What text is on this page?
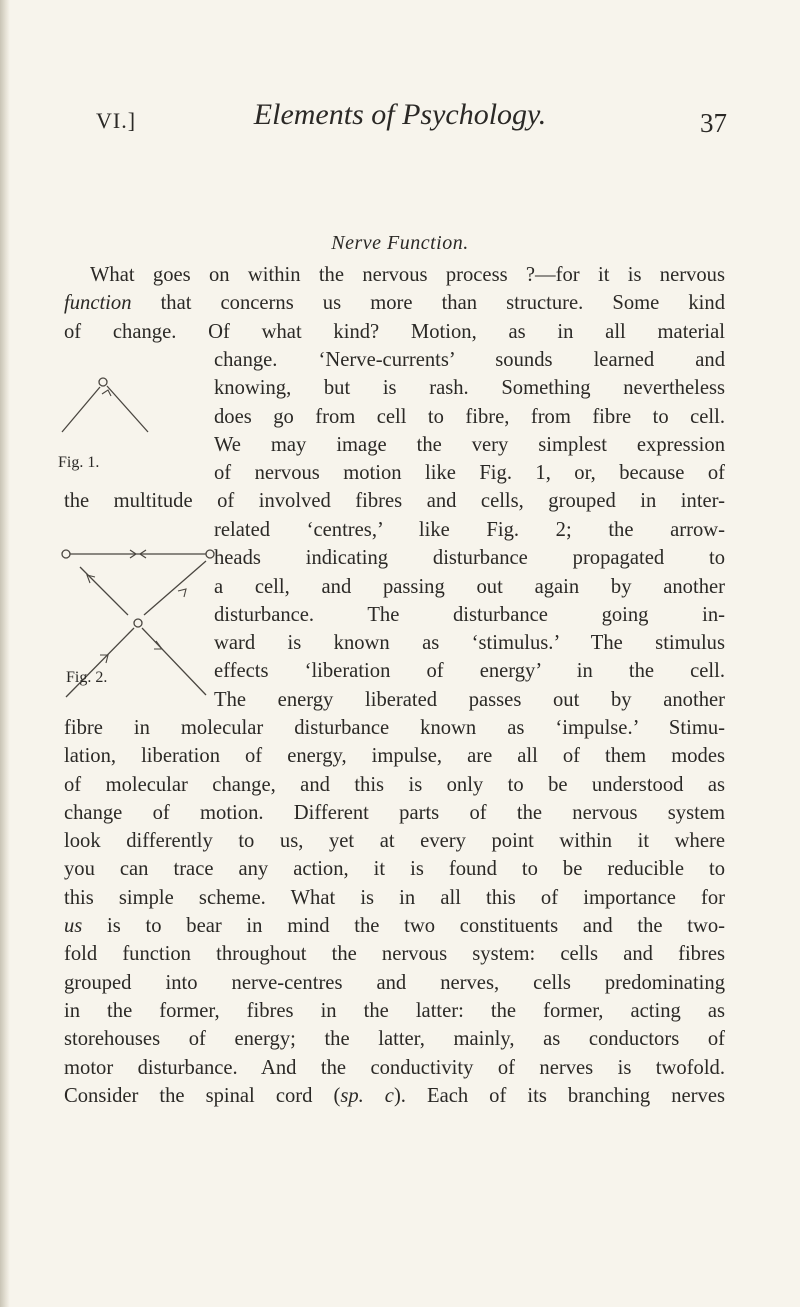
VI.]	Elements of Psychology.	37
Nerve Function.
What goes on within the nervous process ?—for it is nervous
function that concerns us more than structure. Some kind
of change. Of what kind? Motion, as in all material
change. ‘Nerve-currents’ sounds learned and
knowing, but is rash. Something nevertheless
does go from cell to fibre, from fibre to cell.
We may image the very simplest expression
of nervous motion like Fig. 1, or, because of
Fig. 1.
the multitude of involved fibres and cells, grouped in inter-
related ‘centres,’ like Fig. 2; the arrow-
heads indicating disturbance propagated to
a cell, and passing out again by another
disturbance. The disturbance going in-
ward is known as ‘stimulus.’ The stimulus
effects ‘liberation of energy’ in the cell.
The energy liberated passes out by another
Fig. 2.
fibre in molecular disturbance known as ‘impulse.’ Stimu-
lation, liberation of energy, impulse, are all of them modes
of molecular change, and this is only to be understood as
change of motion. Different parts of the nervous system
look differently to us, yet at every point within it where
you can trace any action, it is found to be reducible to
this simple scheme. What is in all this of importance for
us is to bear in mind the two constituents and the two-
fold function throughout the nervous system: cells and fibres
grouped into nerve-centres and nerves, cells predominating
in the former, fibres in the latter: the former, acting as
storehouses of energy; the latter, mainly, as conductors of
motor disturbance. And the conductivity of nerves is twofold.
Consider the spinal cord (sp. c). Each of its branching nerves
